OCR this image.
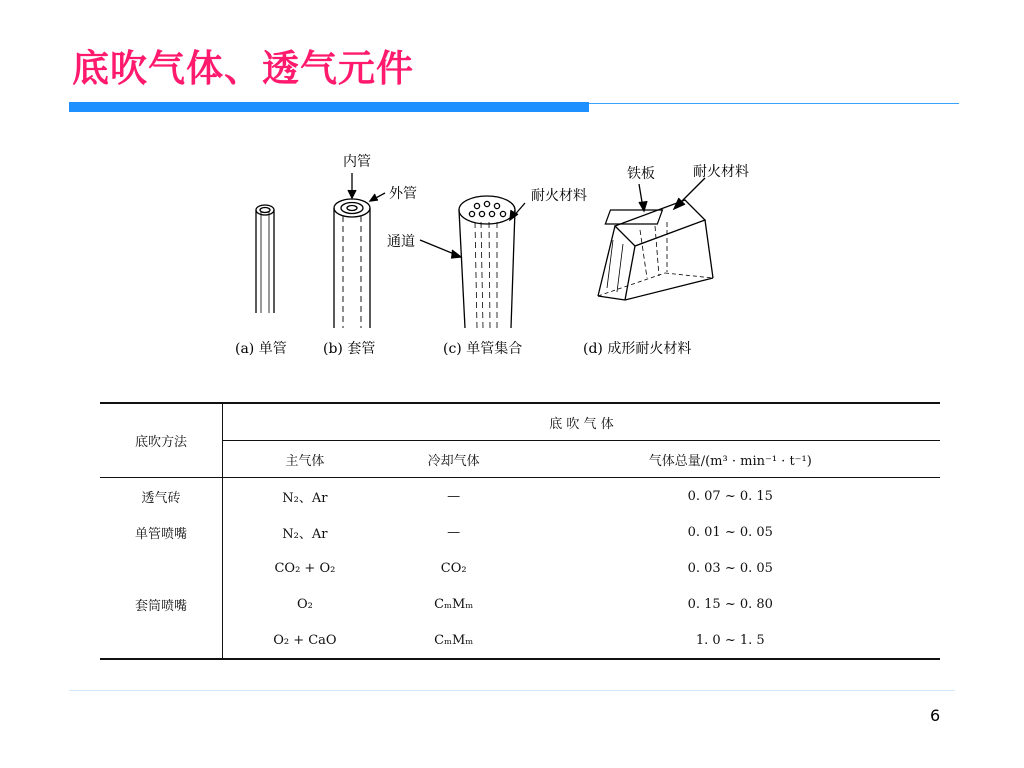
底吹气体、透气元件
内管
外管
通道
耐火材料
铁板	耐火材料
(a) 单管	(b) 套管	(c) 单管集合	(d) 成形耐火材料

底吹方法	底 吹 气 体		
	主气体	冷却气体	气体总量/(m³ · min⁻¹ · t⁻¹)

透气砖	N₂、Ar	—	0. 07 ~ 0. 15
单管喷嘴	N₂、Ar	—	0. 01 ~ 0. 05
	CO₂ + O₂	CO₂	0. 03 ~ 0. 05
套筒喷嘴	O₂	CₘMₘ	0. 15 ~ 0. 80
	O₂ + CaO	CₘMₘ	1. 0 ~ 1. 5

6
